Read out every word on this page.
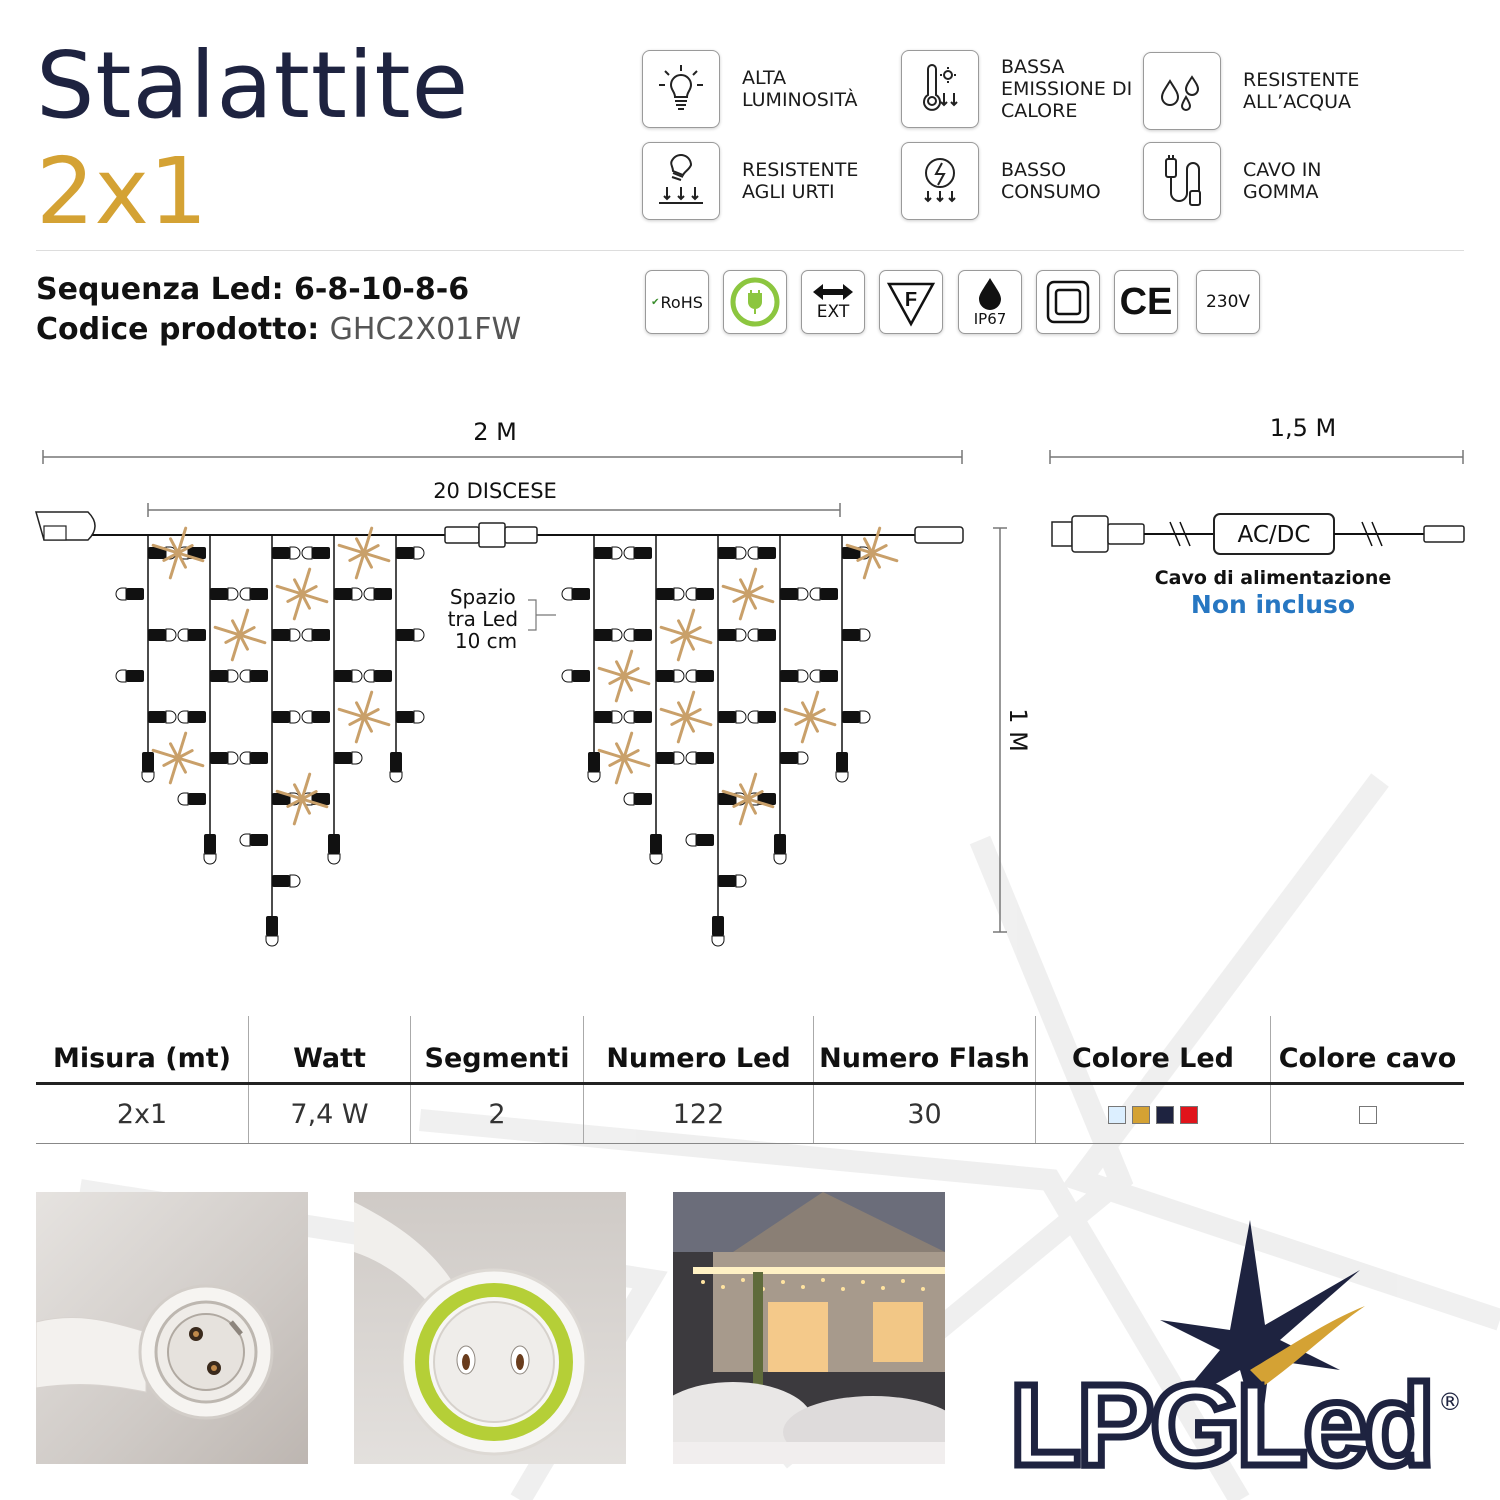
Stalattite
2x1
ALTA LUMINOSITÀ
BASSA EMISSIONE DI CALORE
RESISTENTE ALL’ACQUA
RESISTENTE AGLI URTI
BASSO CONSUMO
CAVO IN GOMMA
Sequenza Led: 6-8-10-8-6
Codice prodotto: GHC2X01FW
✔ RoHS	EXT
F
IP67	CE 230V
2 M
20 DISCESE
1,5 M
1 M
Spazio tra Led 10 cm
AC/DC
Cavo di alimentazione
Non incluso
Misura (mt)	Watt	Segmenti	Numero Led	Numero Flash	Colore Led	Colore cavo
2x1	7,4 W	2	122	30		
LPGLed ®
